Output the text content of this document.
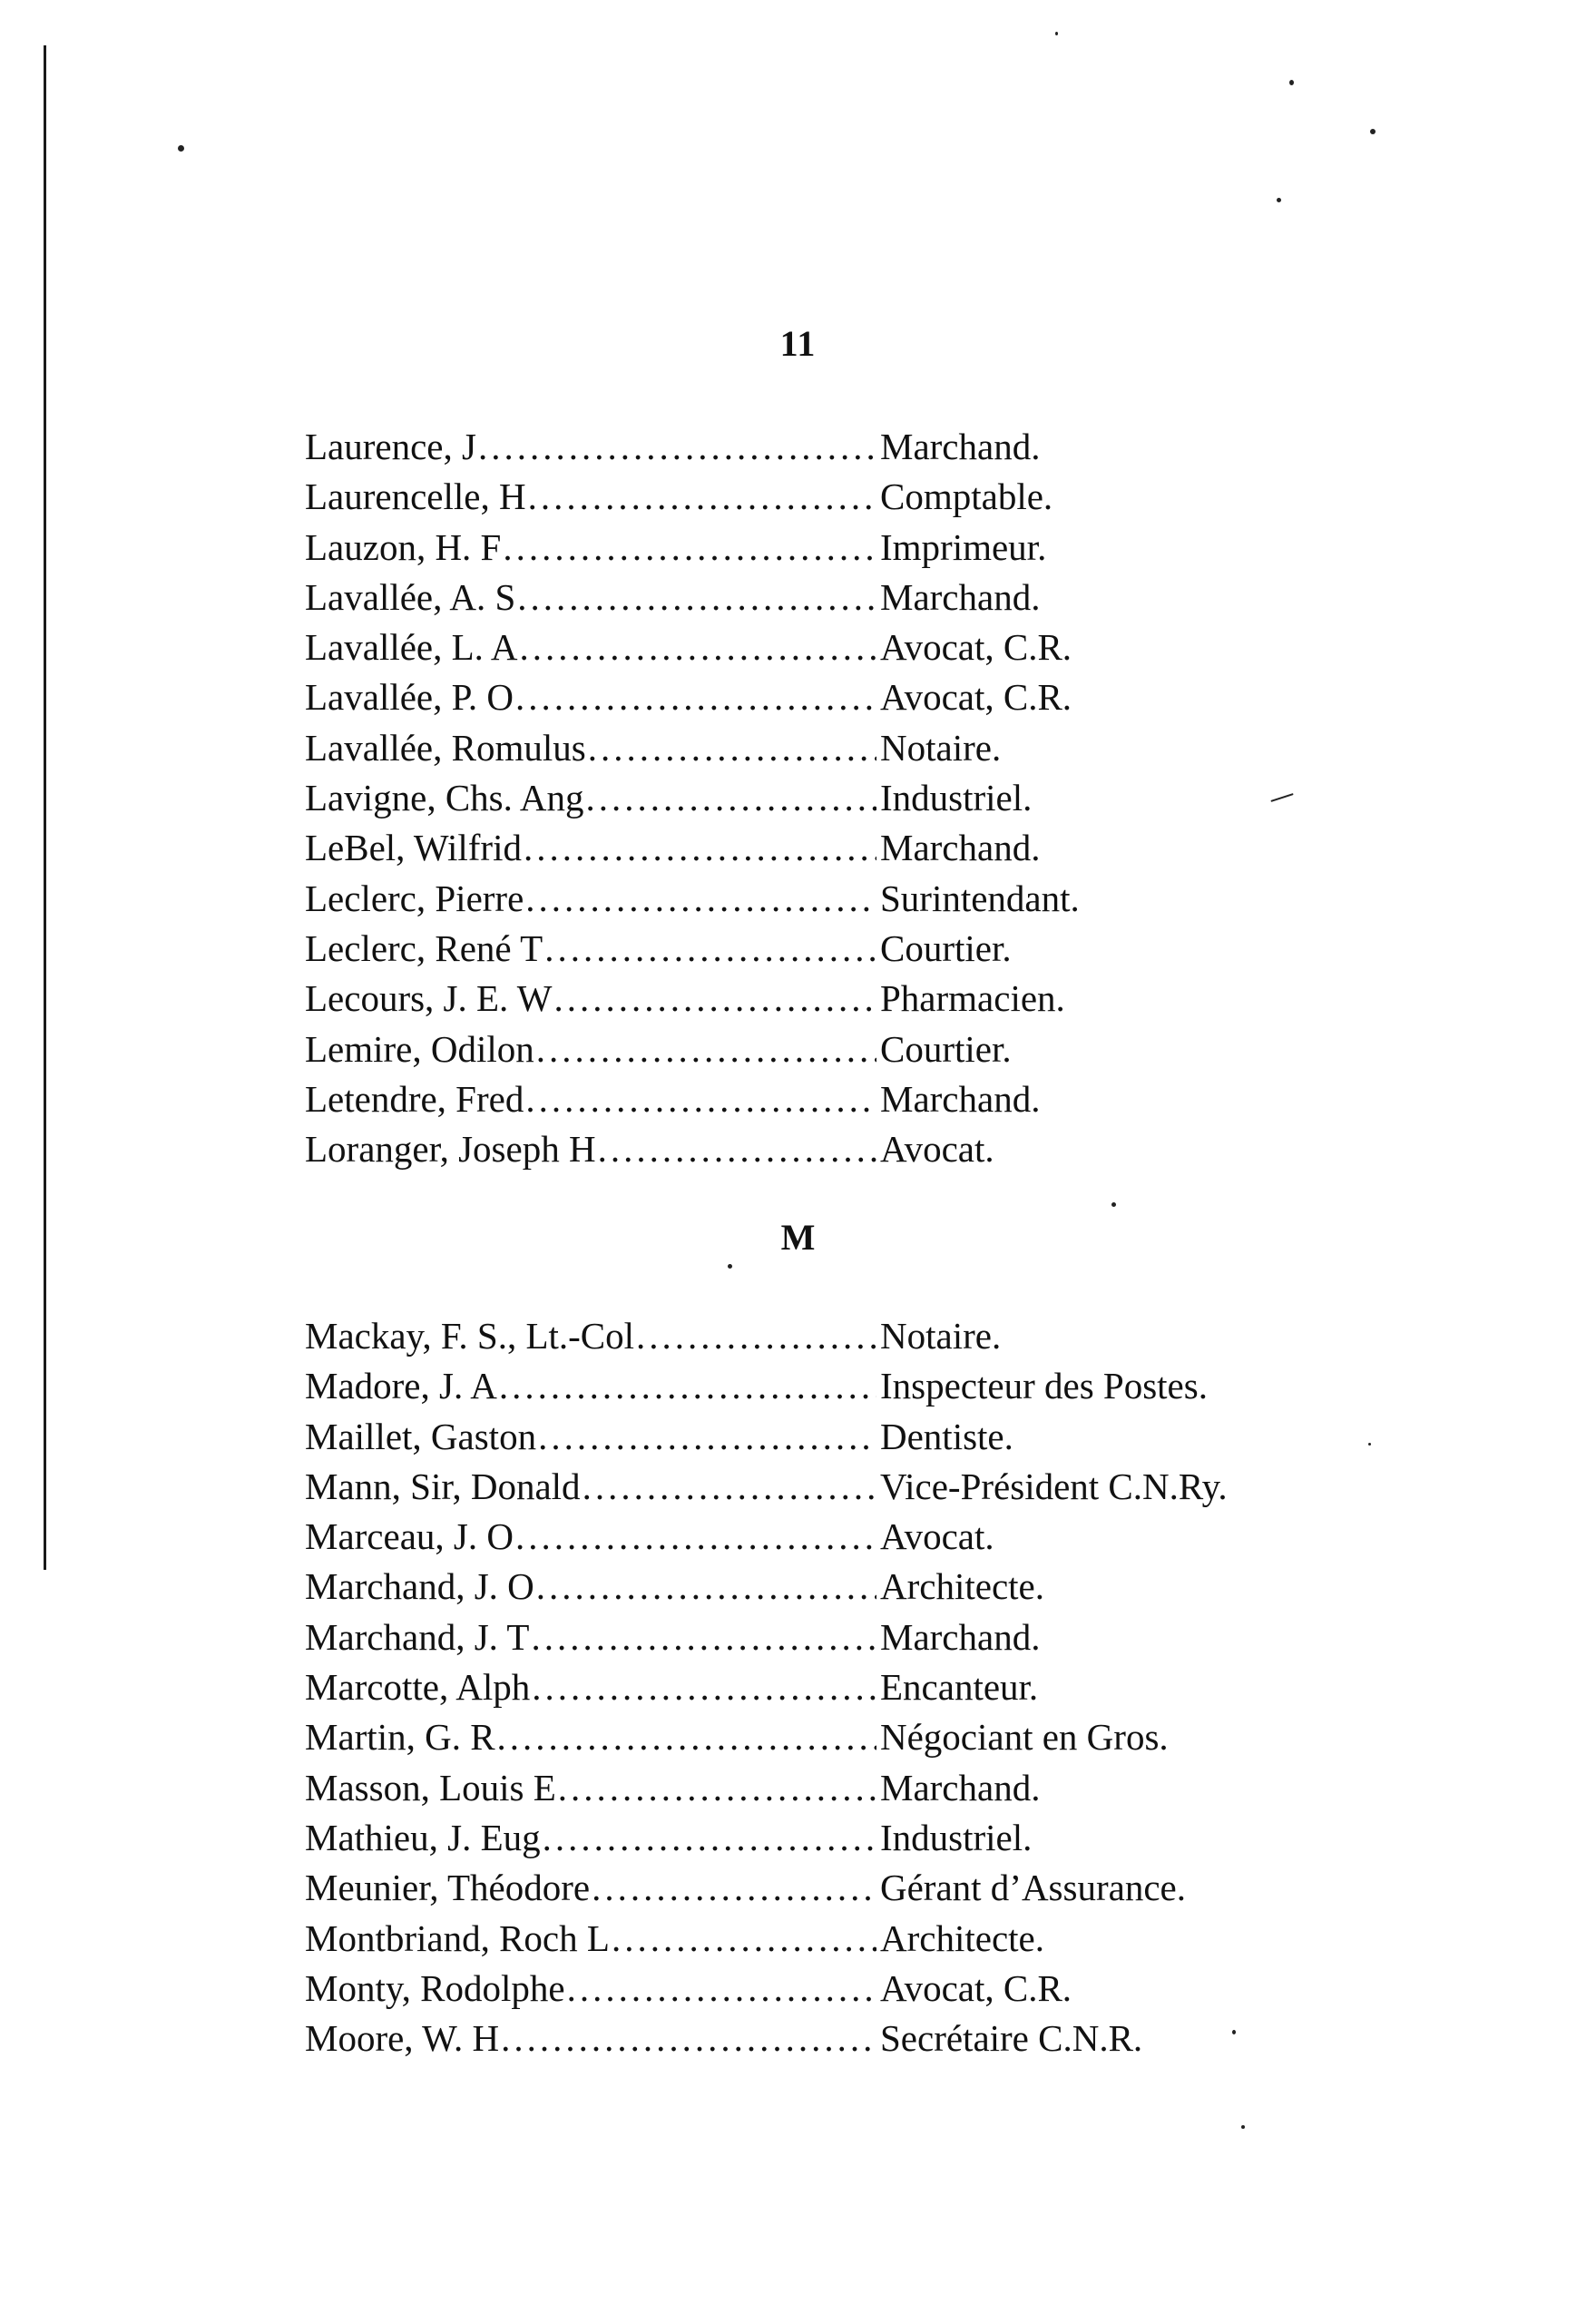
11
Laurence, J .....	Marchand.
Laurencelle, H .....	Comptable.
Lauzon, H. F .....	Imprimeur.
Lavallée, A. S .....	Marchand.
Lavallée, L. A .....	Avocat, C.R.
Lavallée, P. O .....	Avocat, C.R.
Lavallée, Romulus .....	Notaire.
Lavigne, Chs. Ang .....	Industriel.
LeBel, Wilfrid .....	Marchand.
Leclerc, Pierre .....	Surintendant.
Leclerc, René T .....	Courtier.
Lecours, J. E. W .....	Pharmacien.
Lemire, Odilon .....	Courtier.
Letendre, Fred .....	Marchand.
Loranger, Joseph H .....	Avocat.
M
Mackay, F. S., Lt.-Col .....	Notaire.
Madore, J. A .....	Inspecteur des Postes.
Maillet, Gaston .....	Dentiste.
Mann, Sir, Donald .....	Vice-Président C.N.Ry.
Marceau, J. O .....	Avocat.
Marchand, J. O .....	Architecte.
Marchand, J. T .....	Marchand.
Marcotte, Alph .....	Encanteur.
Martin, G. R .....	Négociant en Gros.
Masson, Louis E .....	Marchand.
Mathieu, J. Eug .....	Industriel.
Meunier, Théodore .....	Gérant d’Assurance.
Montbriand, Roch L .....	Architecte.
Monty, Rodolphe .....	Avocat, C.R.
Moore, W. H .....	Secrétaire C.N.R.
